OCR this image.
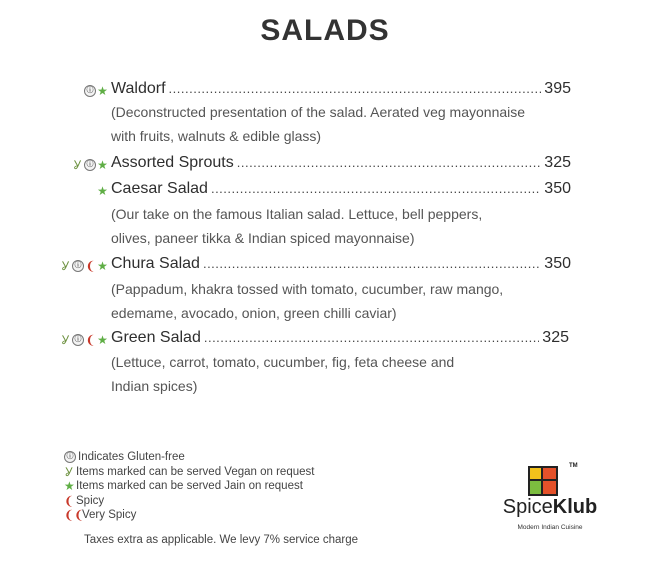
SALADS
ⓘ ★ Waldorf .....	395
(Deconstructed presentation of the salad. Aerated veg mayonnaise
with fruits, walnuts & edible glass)
Ỿ ⓘ ★ Assorted Sprouts .....	325
★ Caesar Salad .....	350
(Our take on the famous Italian salad. Lettuce, bell peppers,
olives, paneer tikka & Indian spiced mayonnaise)
Ỿ ⓘ ❨ ★ Chura Salad .....	350
(Pappadum, khakra tossed with tomato, cucumber, raw mango,
edemame, avocado, onion, green chilli caviar)
Ỿ ⓘ ❨ ★ Green Salad .....	325
(Lettuce, carrot, tomato, cucumber, fig, feta cheese and
Indian spices)
ⓘ Indicates Gluten-free
Ỿ Items marked can be served Vegan on request
★ Items marked can be served Jain on request
❨ Spicy
❨❨
Very Spicy
Taxes extra as applicable. We levy 7% service charge
TM
SpiceKlub
Modern Indian Cuisine
